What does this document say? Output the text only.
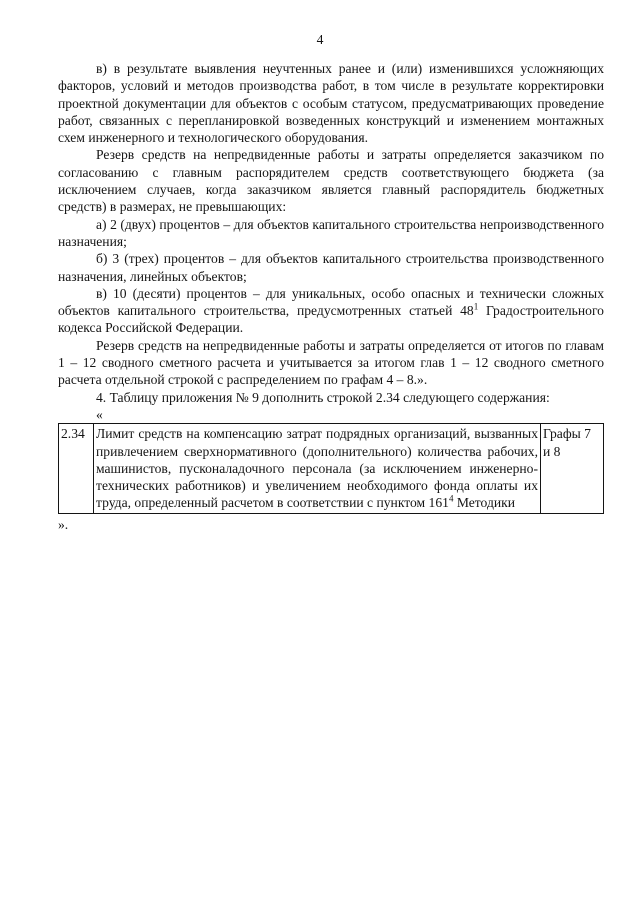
4

в) в результате выявления неучтенных ранее и (или) изменившихся усложняющих факторов, условий и методов производства работ, в том числе в результате корректировки проектной документации для объектов с особым статусом, предусматривающих проведение работ, связанных с перепланировкой возведенных конструкций и изменением монтажных схем инженерного и технологического оборудования.

Резерв средств на непредвиденные работы и затраты определяется заказчиком по согласованию с главным распорядителем средств соответствующего бюджета (за исключением случаев, когда заказчиком является главный распорядитель бюджетных средств) в размерах, не превышающих:

а) 2 (двух) процентов – для объектов капитального строительства непроизводственного назначения;

б) 3 (трех) процентов – для объектов капитального строительства производственного назначения, линейных объектов;

в) 10 (десяти) процентов – для уникальных, особо опасных и технически сложных объектов капитального строительства, предусмотренных статьей $48^1$ Градостроительного кодекса Российской Федерации.

Резерв средств на непредвиденные работы и затраты определяется от итогов по главам 1 – 12 сводного сметного расчета и учитывается за итогом глав 1 – 12 сводного сметного расчета отдельной строкой с распределением по графам 4 – 8.».

4. Таблицу приложения № 9 дополнить строкой 2.34 следующего содержания:

«

2.34	Лимит средств на компенсацию затрат подрядных организаций, вызванных привлечением сверхнормативного (дополнительного) количества рабочих, машинистов, пусконаладочного персонала (за исключением инженерно-технических работников) и увеличением необходимого фонда оплаты их труда, определенный расчетом в соответствии с пунктом $161^4$ Методики	Графы 7 и 8

».
